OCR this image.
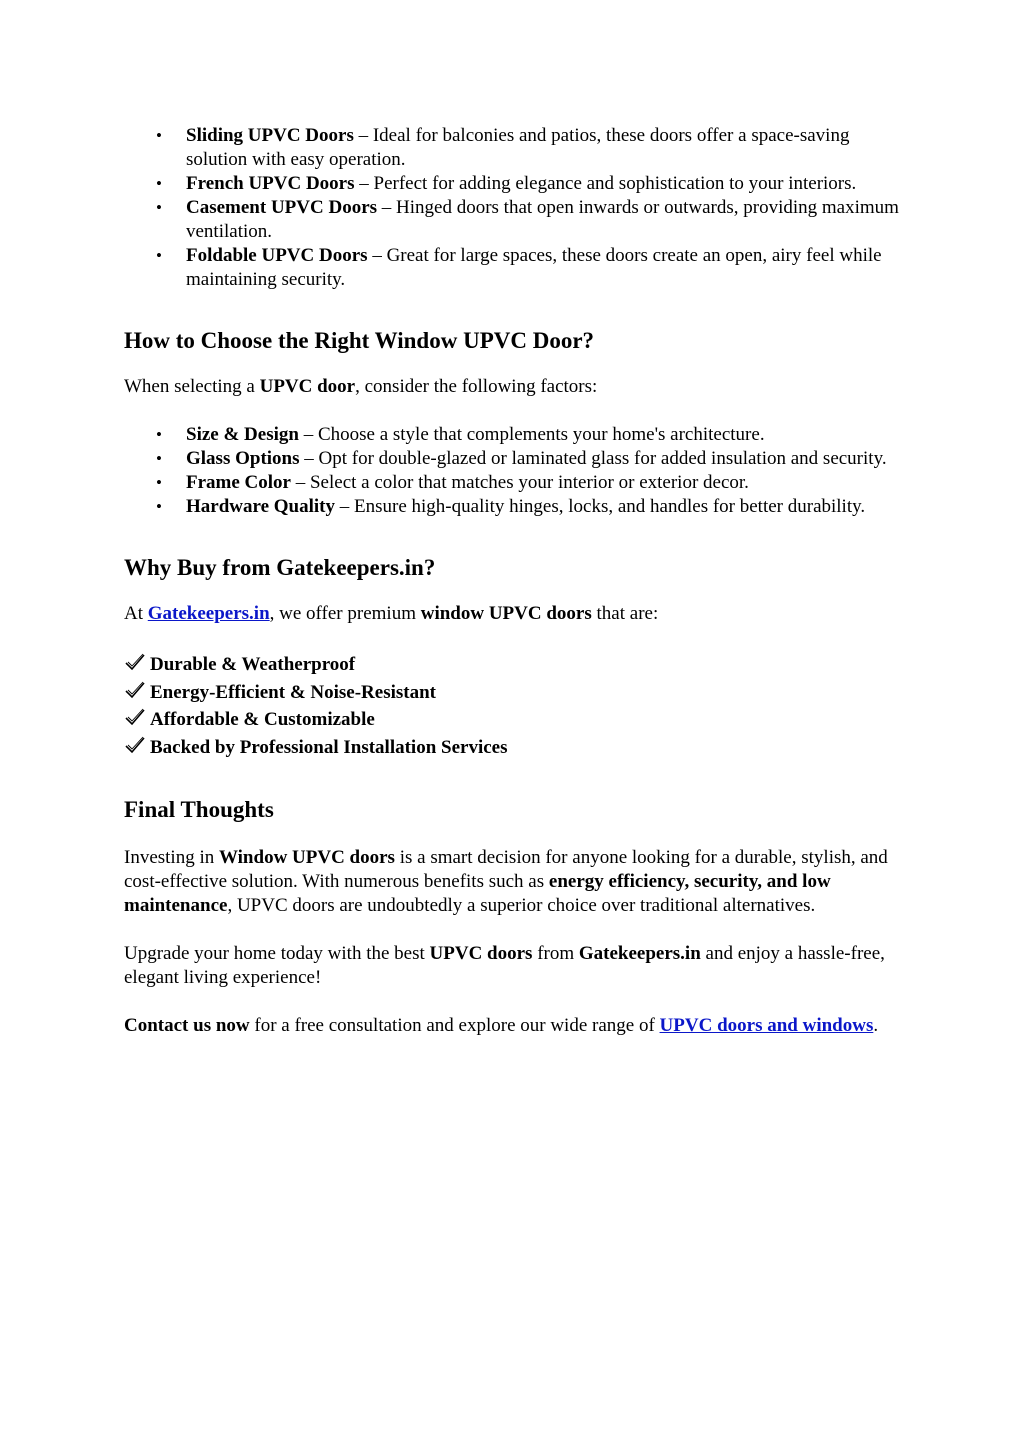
• Sliding UPVC Doors – Ideal for balconies and patios, these doors offer a space-saving solution with easy operation.
• French UPVC Doors – Perfect for adding elegance and sophistication to your interiors.
• Casement UPVC Doors – Hinged doors that open inwards or outwards, providing maximum ventilation.
• Foldable UPVC Doors – Great for large spaces, these doors create an open, airy feel while maintaining security.
How to Choose the Right Window UPVC Door?

When selecting a UPVC door, consider the following factors:

• Size & Design – Choose a style that complements your home's architecture.
• Glass Options – Opt for double-glazed or laminated glass for added insulation and security.
• Frame Color – Select a color that matches your interior or exterior decor.
• Hardware Quality – Ensure high-quality hinges, locks, and handles for better durability.
Why Buy from Gatekeepers.in?

At Gatekeepers.in, we offer premium window UPVC doors that are:

Durable & Weatherproof
Energy-Efficient & Noise-Resistant
Affordable & Customizable
Backed by Professional Installation Services
Final Thoughts

Investing in Window UPVC doors is a smart decision for anyone looking for a durable, stylish, and cost-effective solution. With numerous benefits such as energy efficiency, security, and low maintenance, UPVC doors are undoubtedly a superior choice over traditional alternatives.

Upgrade your home today with the best UPVC doors from Gatekeepers.in and enjoy a hassle-free, elegant living experience!

Contact us now for a free consultation and explore our wide range of UPVC doors and windows.
